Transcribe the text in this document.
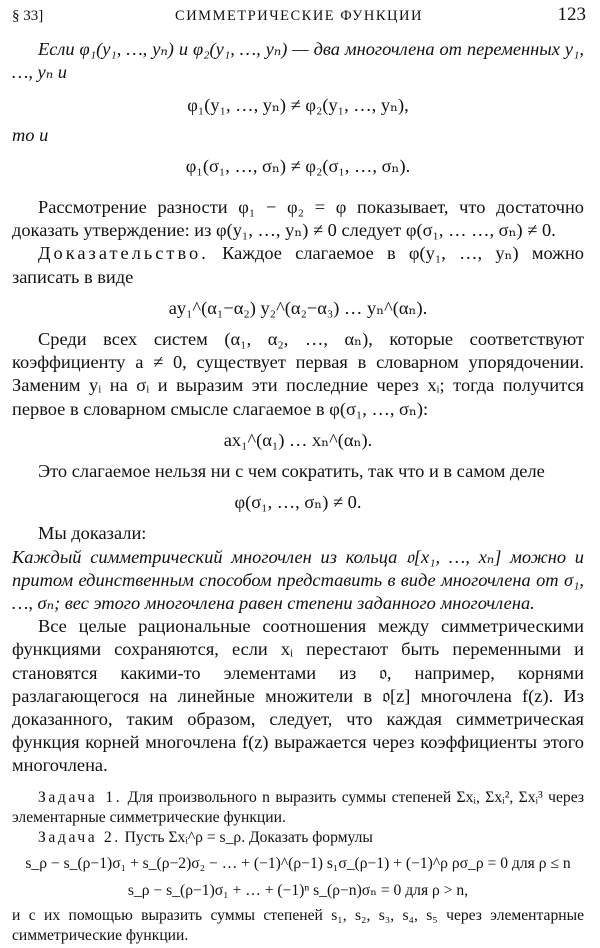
§ 33]	СИММЕТРИЧЕСКИЕ ФУНКЦИИ	123

Если φ₁(y₁, …, yₙ) и φ₂(y₁, …, yₙ) — два многочлена от переменных y₁, …, yₙ и

φ₁(y₁, …, yₙ) ≠ φ₂(y₁, …, yₙ),

то и

φ₁(σ₁, …, σₙ) ≠ φ₂(σ₁, …, σₙ).

Рассмотрение разности φ₁ − φ₂ = φ показывает, что достаточно доказать утверждение: из φ(y₁, …, yₙ) ≠ 0 следует φ(σ₁, … …, σₙ) ≠ 0.

Доказательство. Каждое слагаемое в φ(y₁, …, yₙ) можно записать в виде

ay₁^(α₁−α₂) y₂^(α₂−α₃) … yₙ^(αₙ).

Среди всех систем (α₁, α₂, …, αₙ), которые соответствуют коэффициенту a ≠ 0, существует первая в словарном упорядочении. Заменим yᵢ на σᵢ и выразим эти последние через xᵢ; тогда получится первое в словарном смысле слагаемое в φ(σ₁, …, σₙ):

ax₁^(α₁) … xₙ^(αₙ).

Это слагаемое нельзя ни с чем сократить, так что и в самом деле

φ(σ₁, …, σₙ) ≠ 0.

Мы доказали:

Каждый симметрический многочлен из кольца 𝔬[x₁, …, xₙ] можно и притом единственным способом представить в виде многочлена от σ₁, …, σₙ; вес этого многочлена равен степени заданного многочлена.

Все целые рациональные соотношения между симметрическими функциями сохраняются, если xᵢ перестают быть переменными и становятся какими-то элементами из 𝔬, например, корнями разлагающегося на линейные множители в 𝔬[z] многочлена f(z). Из доказанного, таким образом, следует, что каждая симметрическая функция корней многочлена f(z) выражается через коэффициенты этого многочлена.

Задача 1. Для произвольного n выразить суммы степеней Σxᵢ, Σxᵢ², Σxᵢ³ через элементарные симметрические функции.

Задача 2. Пусть Σxᵢ^ρ = s_ρ. Доказать формулы

s_ρ − s_(ρ−1)σ₁ + s_(ρ−2)σ₂ − … + (−1)^(ρ−1) s₁σ_(ρ−1) + (−1)^ρ ρσ_ρ = 0 для ρ ≤ n

s_ρ − s_(ρ−1)σ₁ + … + (−1)ⁿ s_(ρ−n)σₙ = 0 для ρ > n,

и с их помощью выразить суммы степеней s₁, s₂, s₃, s₄, s₅ через элементарные симметрические функции.
